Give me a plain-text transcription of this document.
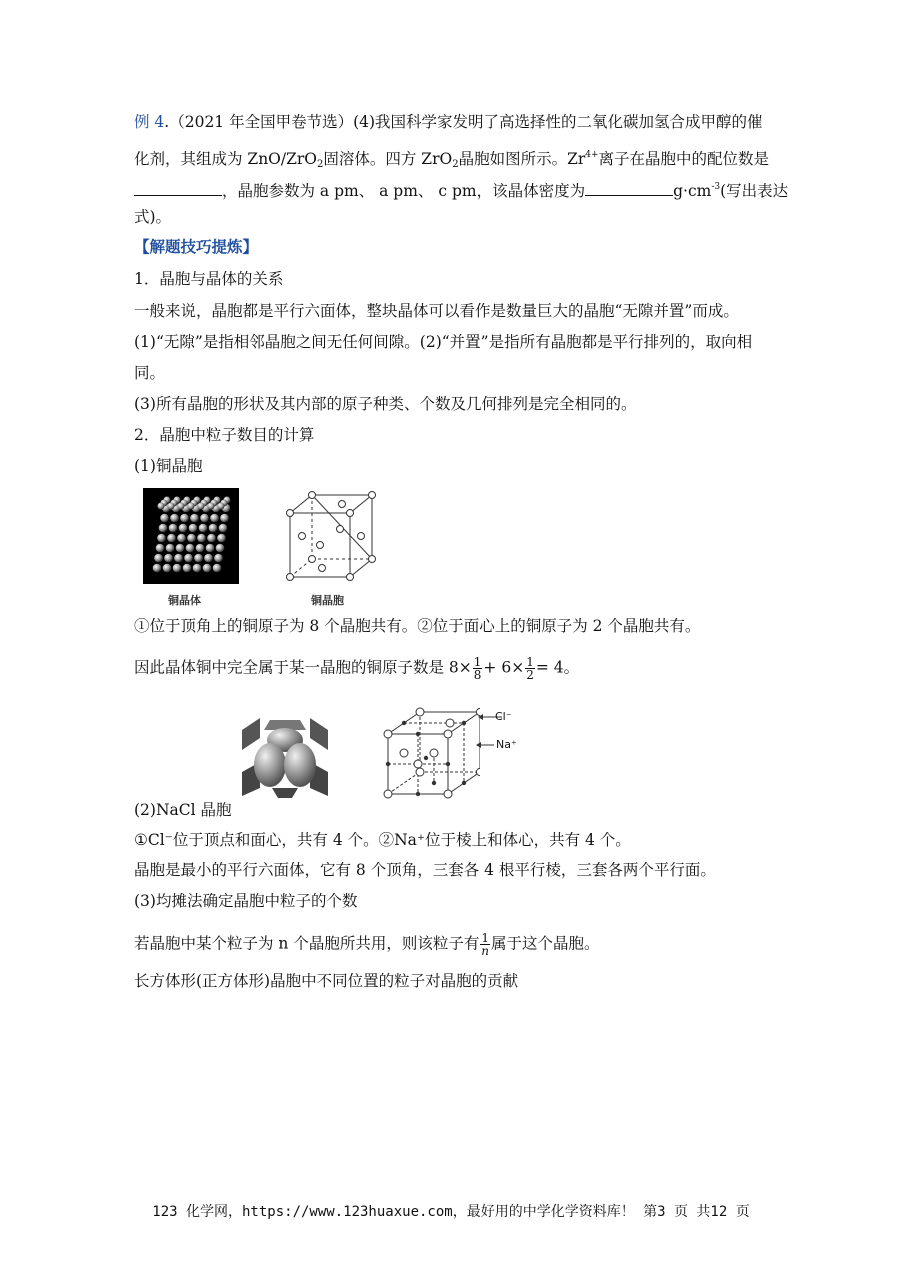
例 4.（2021 年全国甲卷节选）(4)我国科学家发明了高选择性的二氧化碳加氢合成甲醇的催
化剂，其组成为 ZnO/ZrO$_2$固溶体。四方 ZrO$_2$晶胞如图所示。$Zr^{4+}$离子在晶胞中的配位数是
，晶胞参数为 a pm、 a pm、 c pm，该晶体密度为	$g\cdot cm^{-3}$(写出表达
式)。
【解题技巧提炼】
1．晶胞与晶体的关系
一般来说，晶胞都是平行六面体，整块晶体可以看作是数量巨大的晶胞“无隙并置”而成。
(1)“无隙”是指相邻晶胞之间无任何间隙。(2)“并置”是指所有晶胞都是平行排列的，取向相
同。
(3)所有晶胞的形状及其内部的原子种类、个数及几何排列是完全相同的。
2．晶胞中粒子数目的计算
(1)铜晶胞
铜晶体	铜晶胞
①位于顶角上的铜原子为 8 个晶胞共有。②位于面心上的铜原子为 2 个晶胞共有。
因此晶体铜中完全属于某一晶胞的铜原子数是 $8\times \frac{1}{8} + 6\times \frac{1}{2} = 4$。
Cl⁻
Na⁺
(2)NaCl 晶胞
①Cl⁻位于顶点和面心，共有 4 个。②Na⁺位于棱上和体心，共有 4 个。
晶胞是最小的平行六面体，它有 8 个顶角，三套各 4 根平行棱，三套各两个平行面。
(3)均摊法确定晶胞中粒子的个数
若晶胞中某个粒子为 n 个晶胞所共用，则该粒子有 $\frac{1}{n}$ 属于这个晶胞。
长方体形(正方体形)晶胞中不同位置的粒子对晶胞的贡献
123 化学网，https://www.123huaxue.com，最好用的中学化学资料库！ 第3 页 共12 页
